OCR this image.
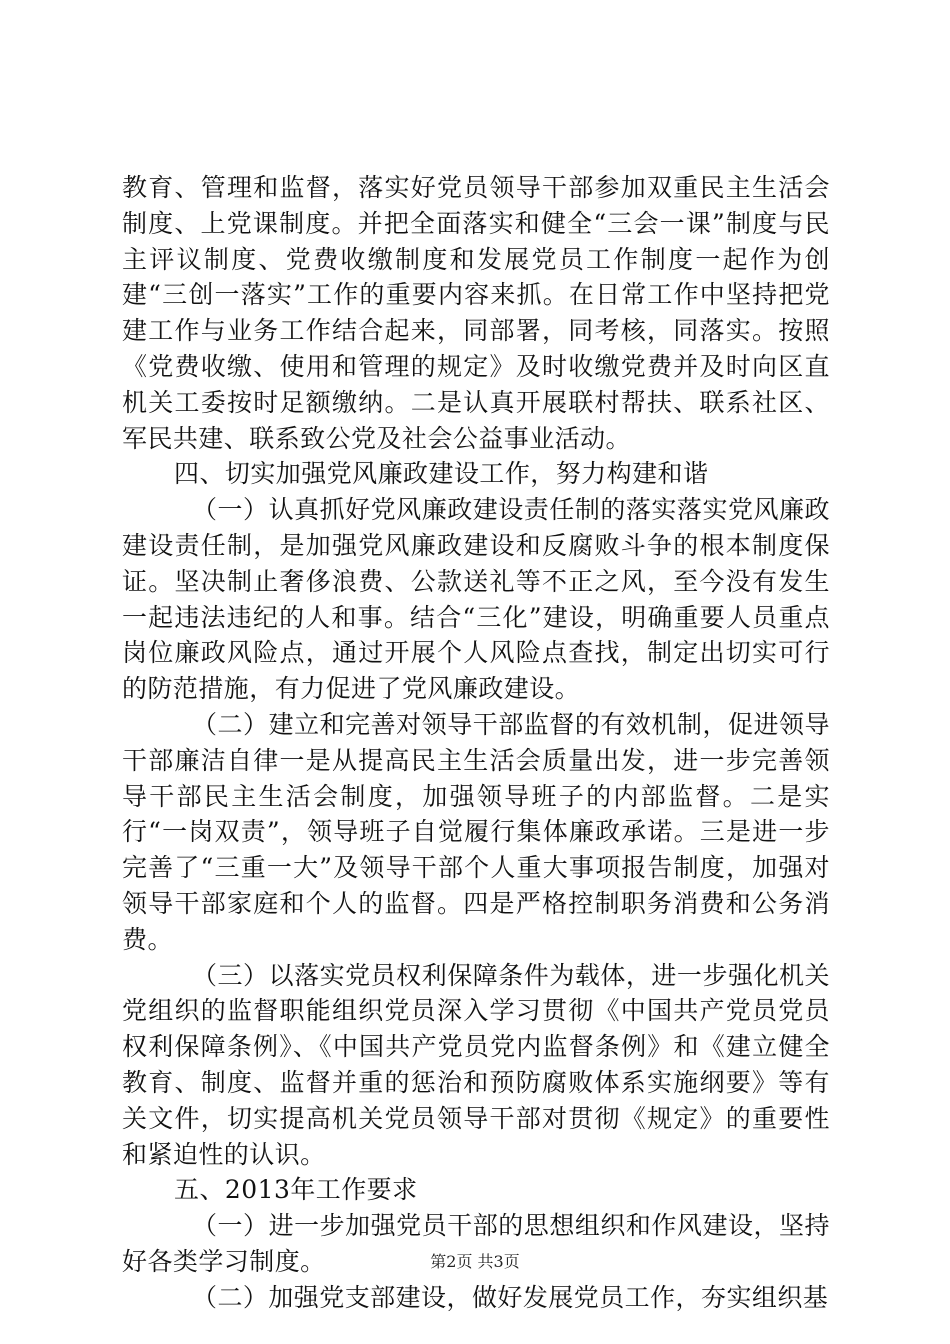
教育、管理和监督，落实好党员领导干部参加双重民主生活会制度、上党课制度。并把全面落实和健全“三会一课”制度与民主评议制度、党费收缴制度和发展党员工作制度一起作为创建“三创一落实”工作的重要内容来抓。在日常工作中坚持把党建工作与业务工作结合起来，同部署，同考核，同落实。按照《党费收缴、使用和管理的规定》及时收缴党费并及时向区直机关工委按时足额缴纳。二是认真开展联村帮扶、联系社区、军民共建、联系致公党及社会公益事业活动。

四、切实加强党风廉政建设工作，努力构建和谐

（一）认真抓好党风廉政建设责任制的落实落实党风廉政建设责任制，是加强党风廉政建设和反腐败斗争的根本制度保证。坚决制止奢侈浪费、公款送礼等不正之风，至今没有发生一起违法违纪的人和事。结合“三化”建设，明确重要人员重点岗位廉政风险点，通过开展个人风险点查找，制定出切实可行的防范措施，有力促进了党风廉政建设。

（二）建立和完善对领导干部监督的有效机制，促进领导干部廉洁自律一是从提高民主生活会质量出发，进一步完善领导干部民主生活会制度，加强领导班子的内部监督。二是实行“一岗双责”，领导班子自觉履行集体廉政承诺。三是进一步完善了“三重一大”及领导干部个人重大事项报告制度，加强对领导干部家庭和个人的监督。四是严格控制职务消费和公务消费。

（三）以落实党员权利保障条件为载体，进一步强化机关党组织的监督职能组织党员深入学习贯彻《中国共产党员党员权利保障条例》、《中国共产党员党内监督条例》和《建立健全教育、制度、监督并重的惩治和预防腐败体系实施纲要》等有关文件，切实提高机关党员领导干部对贯彻《规定》的重要性和紧迫性的认识。

五、2013年工作要求

（一）进一步加强党员干部的思想组织和作风建设，坚持好各类学习制度。

（二）加强党支部建设，做好发展党员工作，夯实组织基

第2页 共3页
